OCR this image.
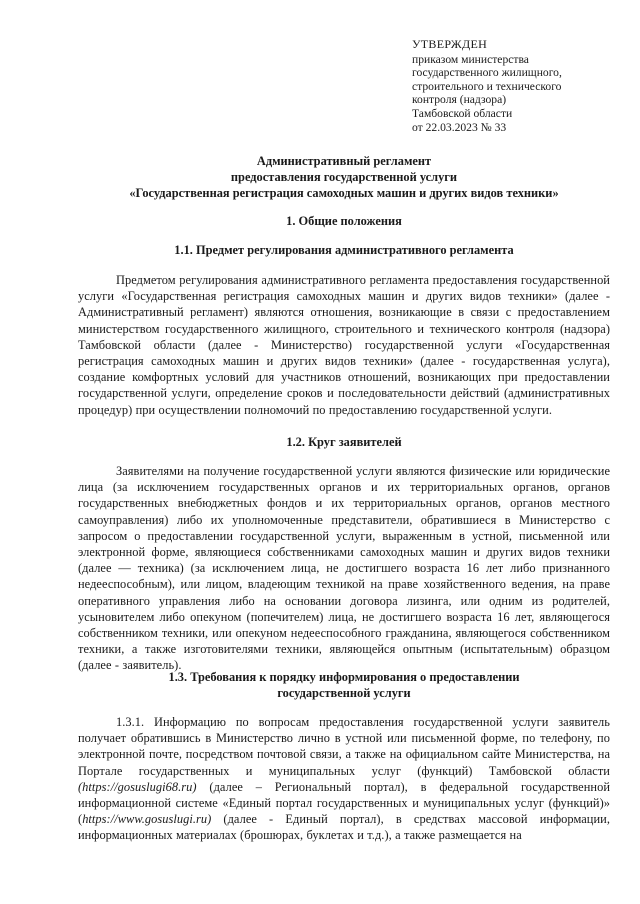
УТВЕРЖДЕН
приказом министерства
государственного жилищного,
строительного и технического
контроля (надзора)
Тамбовской области
от 22.03.2023 № 33
Административный регламент
предоставления государственной услуги
«Государственная регистрация самоходных машин и других видов техники»
1. Общие положения
1.1. Предмет регулирования административного регламента
Предметом регулирования административного регламента предоставления государственной услуги «Государственная регистрация самоходных машин и других видов техники» (далее - Административный регламент) являются отношения, возникающие в связи с предоставлением министерством государственного жилищного, строительного и технического контроля (надзора) Тамбовской области (далее - Министерство) государственной услуги «Государственная регистрация самоходных машин и других видов техники» (далее - государственная услуга), создание комфортных условий для участников отношений, возникающих при предоставлении государственной услуги, определение сроков и последовательности действий (административных процедур) при осуществлении полномочий по предоставлению государственной услуги.
1.2. Круг заявителей
Заявителями на получение государственной услуги являются физические или юридические лица (за исключением государственных органов и их территориальных органов, органов государственных внебюджетных фондов и их территориальных органов, органов местного самоуправления) либо их уполномоченные представители, обратившиеся в Министерство с запросом о предоставлении государственной услуги, выраженным в устной, письменной или электронной форме, являющиеся собственниками самоходных машин и других видов техники (далее — техника) (за исключением лица, не достигшего возраста 16 лет либо признанного недееспособным), или лицом, владеющим техникой на праве хозяйственного ведения, на праве оперативного управления либо на основании договора лизинга, или одним из родителей, усыновителем либо опекуном (попечителем) лица, не достигшего возраста 16 лет, являющегося собственником техники, или опекуном недееспособного гражданина, являющегося собственником техники, а также изготовителями техники, являющейся опытным (испытательным) образцом (далее - заявитель).
1.3. Требования к порядку информирования о предоставлении
государственной услуги
1.3.1. Информацию по вопросам предоставления государственной услуги заявитель получает обратившись в Министерство лично в устной или письменной форме, по телефону, по электронной почте, посредством почтовой связи, а также на официальном сайте Министерства, на Портале государственных и муниципальных услуг (функций) Тамбовской области (https://gosuslugi68.ru) (далее – Региональный портал), в федеральной государственной информационной системе «Единый портал государственных и муниципальных услуг (функций)» (https://www.gosuslugi.ru) (далее - Единый портал), в средствах массовой информации, информационных материалах (брошюрах, буклетах и т.д.), а также размещается на
